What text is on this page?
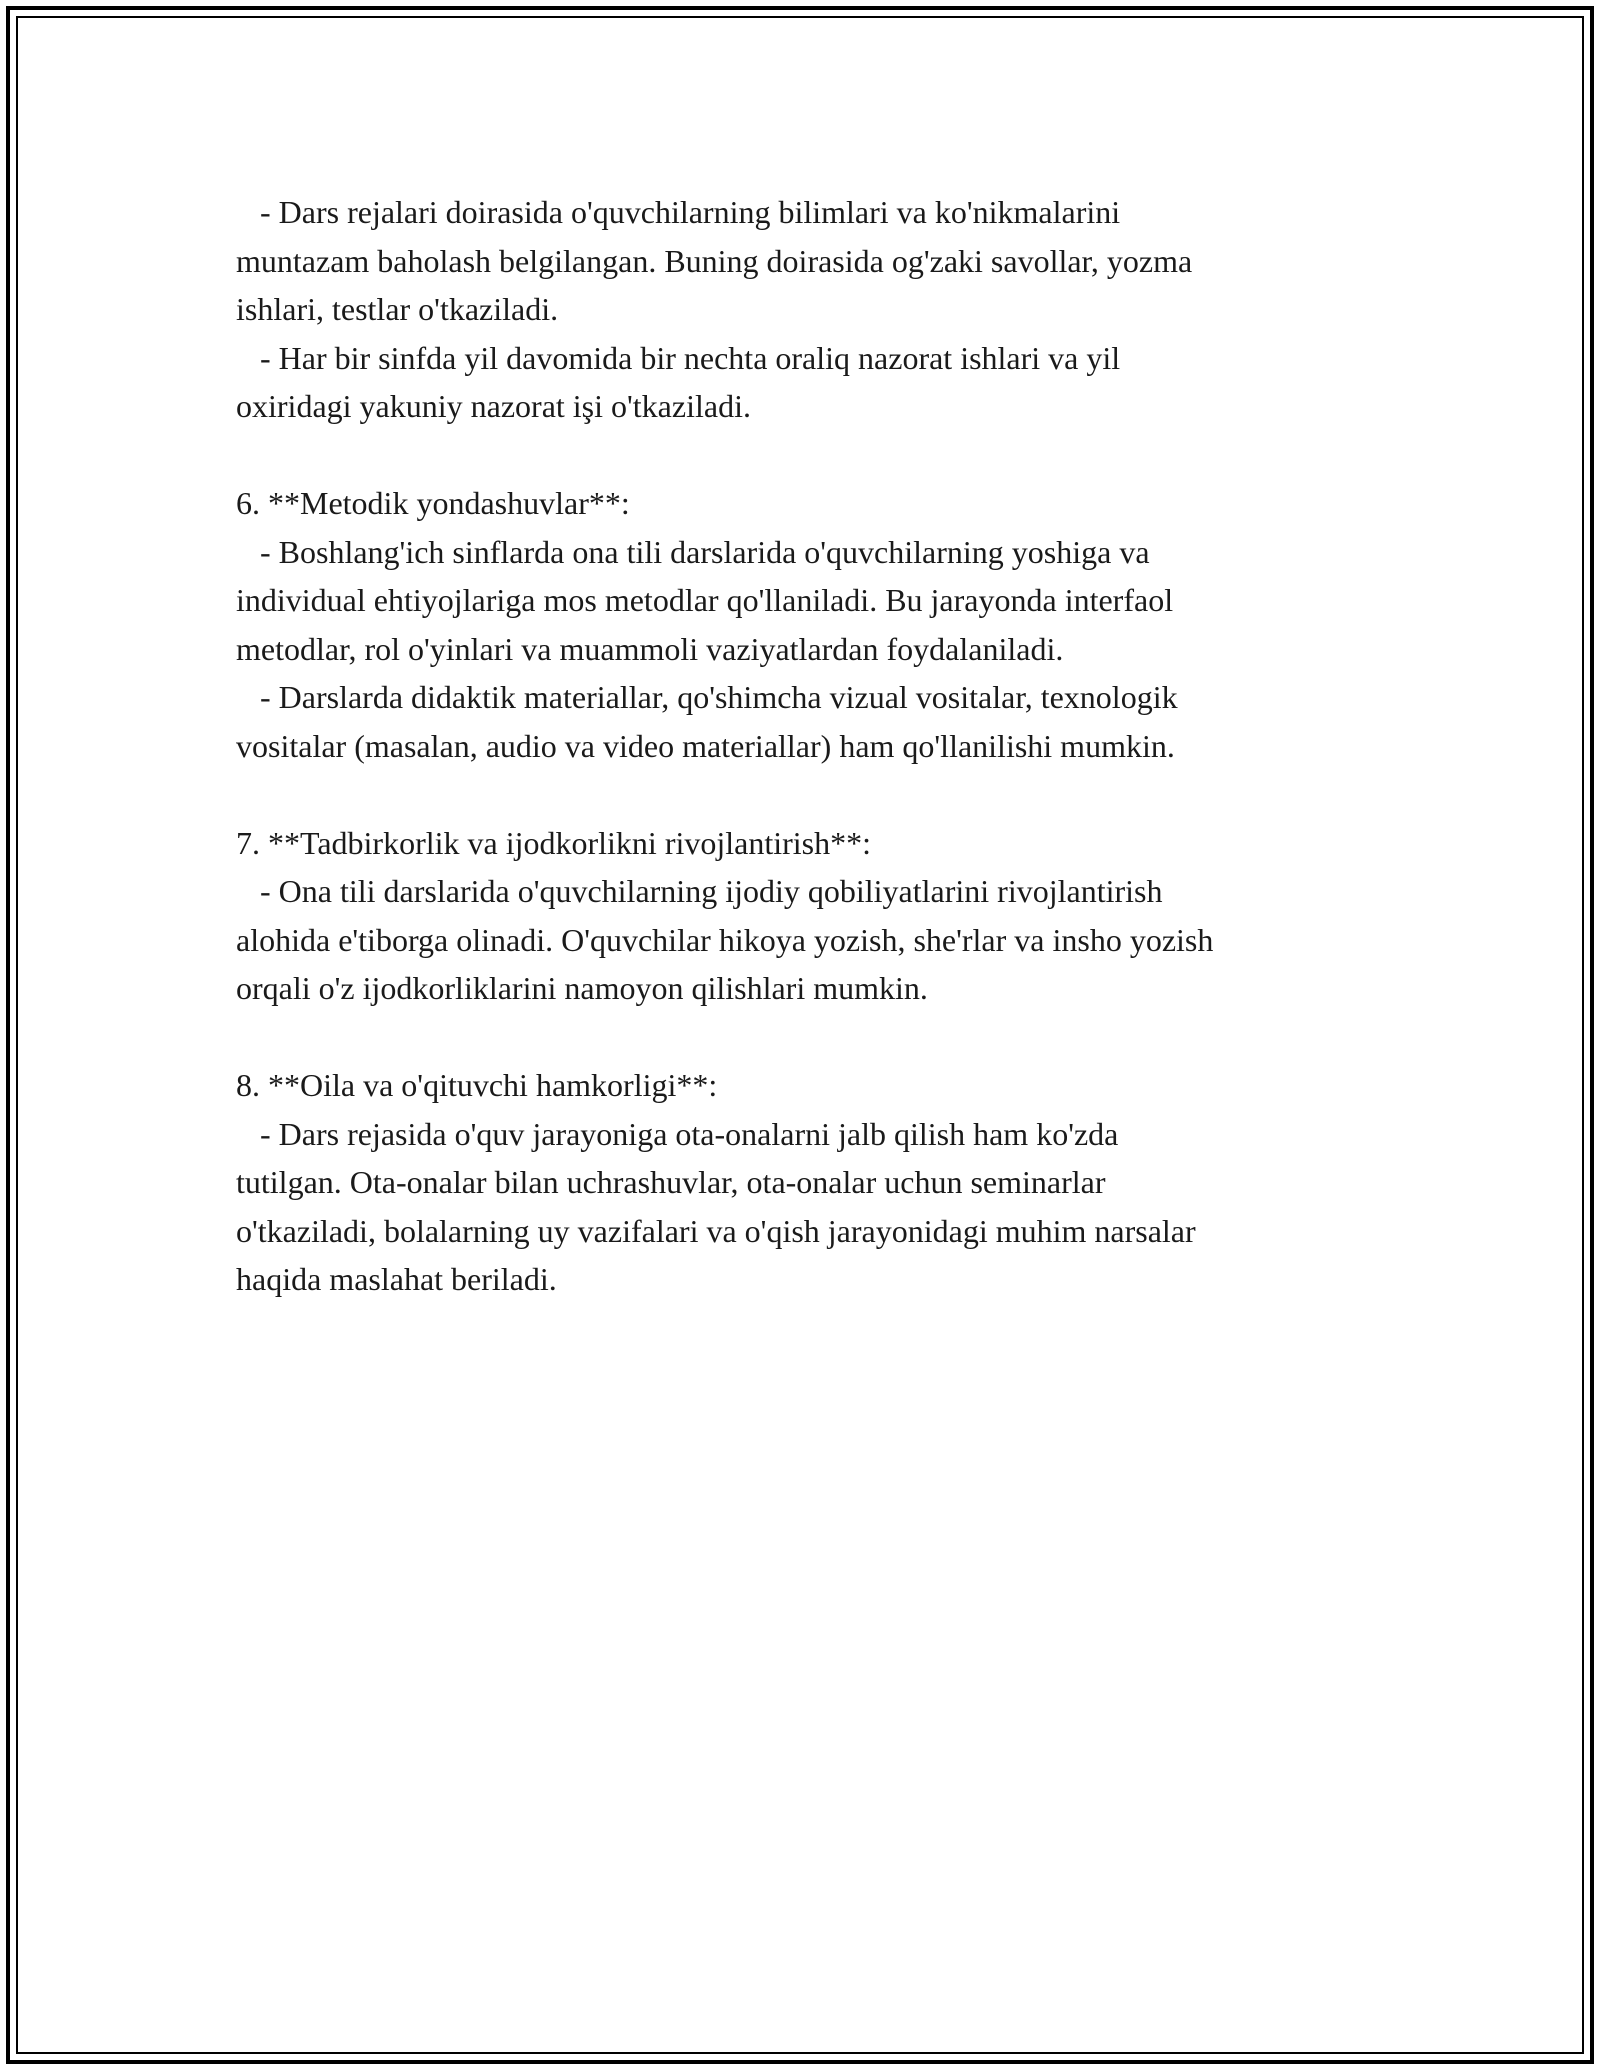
- Dars rejalari doirasida o'quvchilarning bilimlari va ko'nikmalarini
muntazam baholash belgilangan. Buning doirasida og'zaki savollar, yozma
ishlari, testlar o'tkaziladi.
- Har bir sinfda yil davomida bir nechta oraliq nazorat ishlari va yil
oxiridagi yakuniy nazorat işi o'tkaziladi.
6. **Metodik yondashuvlar**:
- Boshlang'ich sinflarda ona tili darslarida o'quvchilarning yoshiga va
individual ehtiyojlariga mos metodlar qo'llaniladi. Bu jarayonda interfaol
metodlar, rol o'yinlari va muammoli vaziyatlardan foydalaniladi.
- Darslarda didaktik materiallar, qo'shimcha vizual vositalar, texnologik
vositalar (masalan, audio va video materiallar) ham qo'llanilishi mumkin.
7. **Tadbirkorlik va ijodkorlikni rivojlantirish**:
- Ona tili darslarida o'quvchilarning ijodiy qobiliyatlarini rivojlantirish
alohida e'tiborga olinadi. O'quvchilar hikoya yozish, she'rlar va insho yozish
orqali o'z ijodkorliklarini namoyon qilishlari mumkin.
8. **Oila va o'qituvchi hamkorligi**:
- Dars rejasida o'quv jarayoniga ota-onalarni jalb qilish ham ko'zda
tutilgan. Ota-onalar bilan uchrashuvlar, ota-onalar uchun seminarlar
o'tkaziladi, bolalarning uy vazifalari va o'qish jarayonidagi muhim narsalar
haqida maslahat beriladi.
